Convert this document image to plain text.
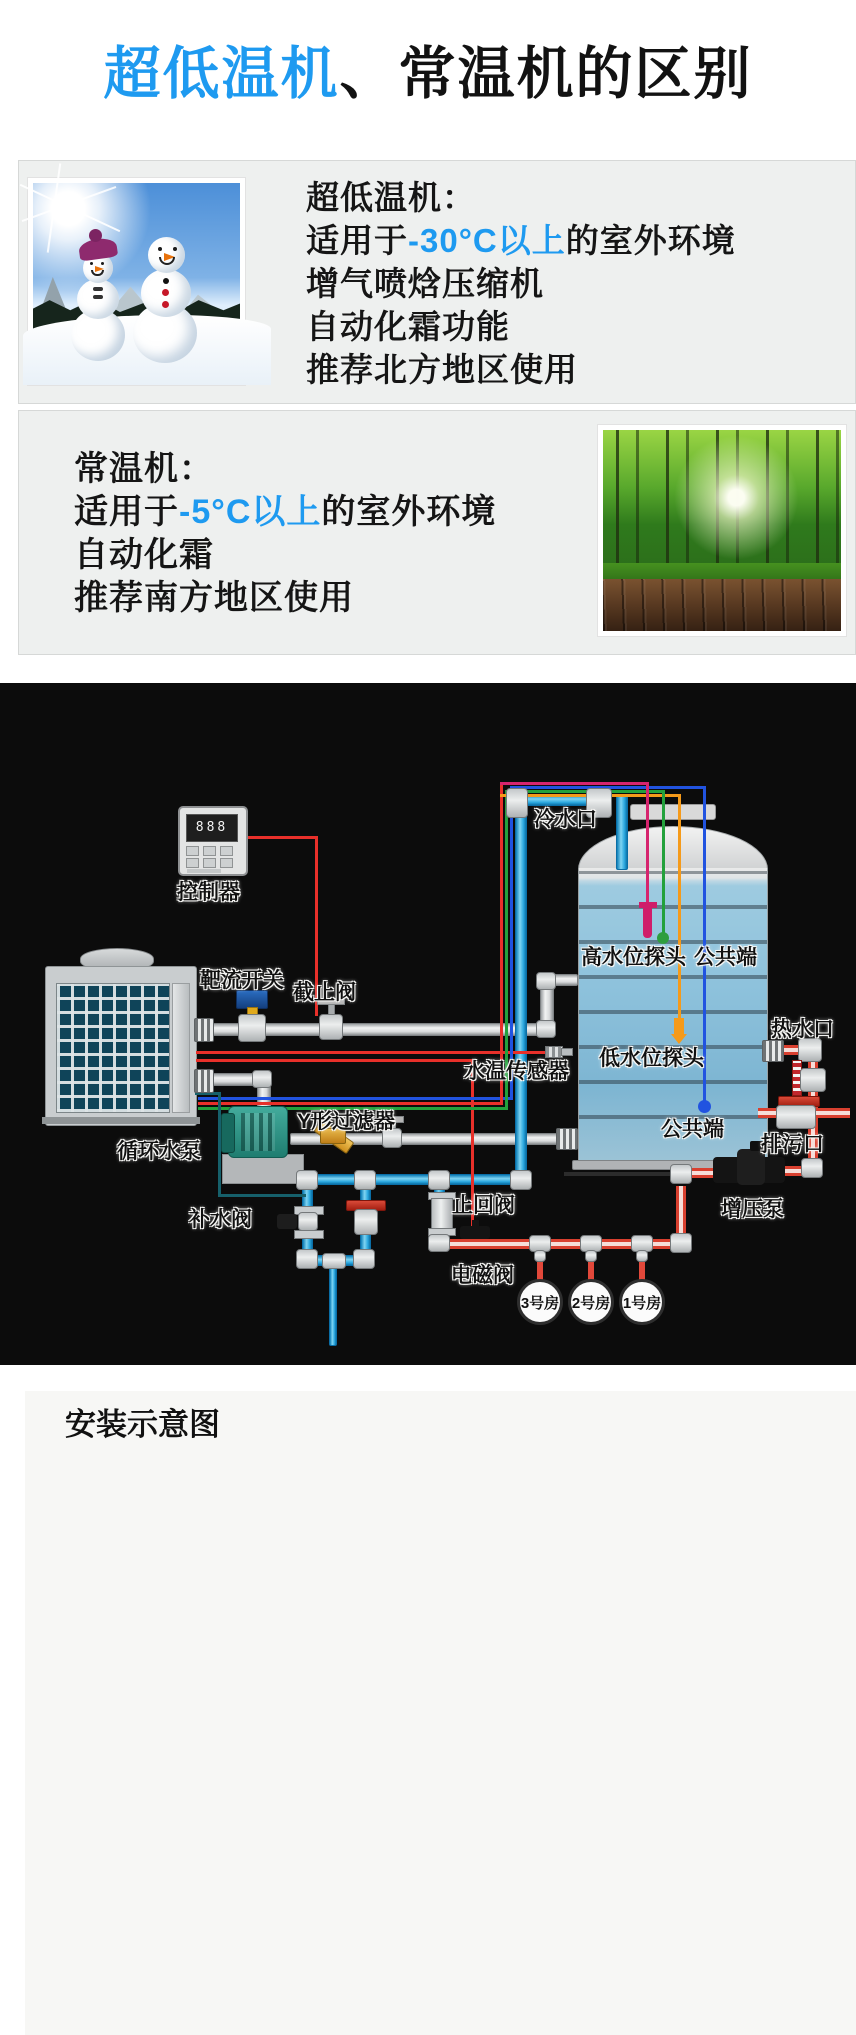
超低温机、常温机的区别
超低温机：
适用于-30°C以上的室外环境
增气喷焓压缩机
自动化霜功能
推荐北方地区使用
常温机：
适用于-5°C以上的室外环境
自动化霜
推荐南方地区使用
安装示意图
888
3号房 2号房 1号房
控制器
靶流开关
截止阀
冷水口
高水位探头 公共端
热水口
低水位探头
水温传感器
公共端
排污口
增压泵
Y形过滤器
循环水泵
补水阀
止回阀
电磁阀
